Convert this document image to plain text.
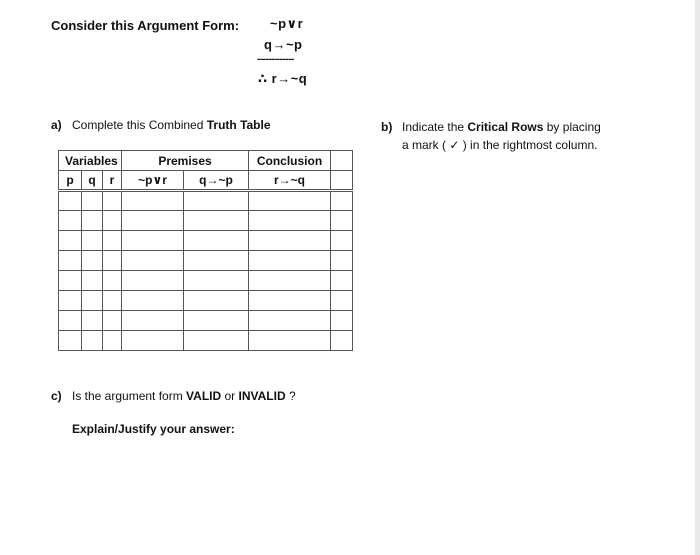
Consider this Argument Form: ~p∨r
q→~p
-------------
∴ r→~q
a) Complete this Combined Truth Table	b) Indicate the Critical Rows by placing
a mark ( ✓ ) in the rightmost column.
Variables			Premises		Conclusion	
p	q	r	~p∨r	q→~p	r→~q	

c) Is the argument form VALID or INVALID ?
Explain/Justify your answer:
